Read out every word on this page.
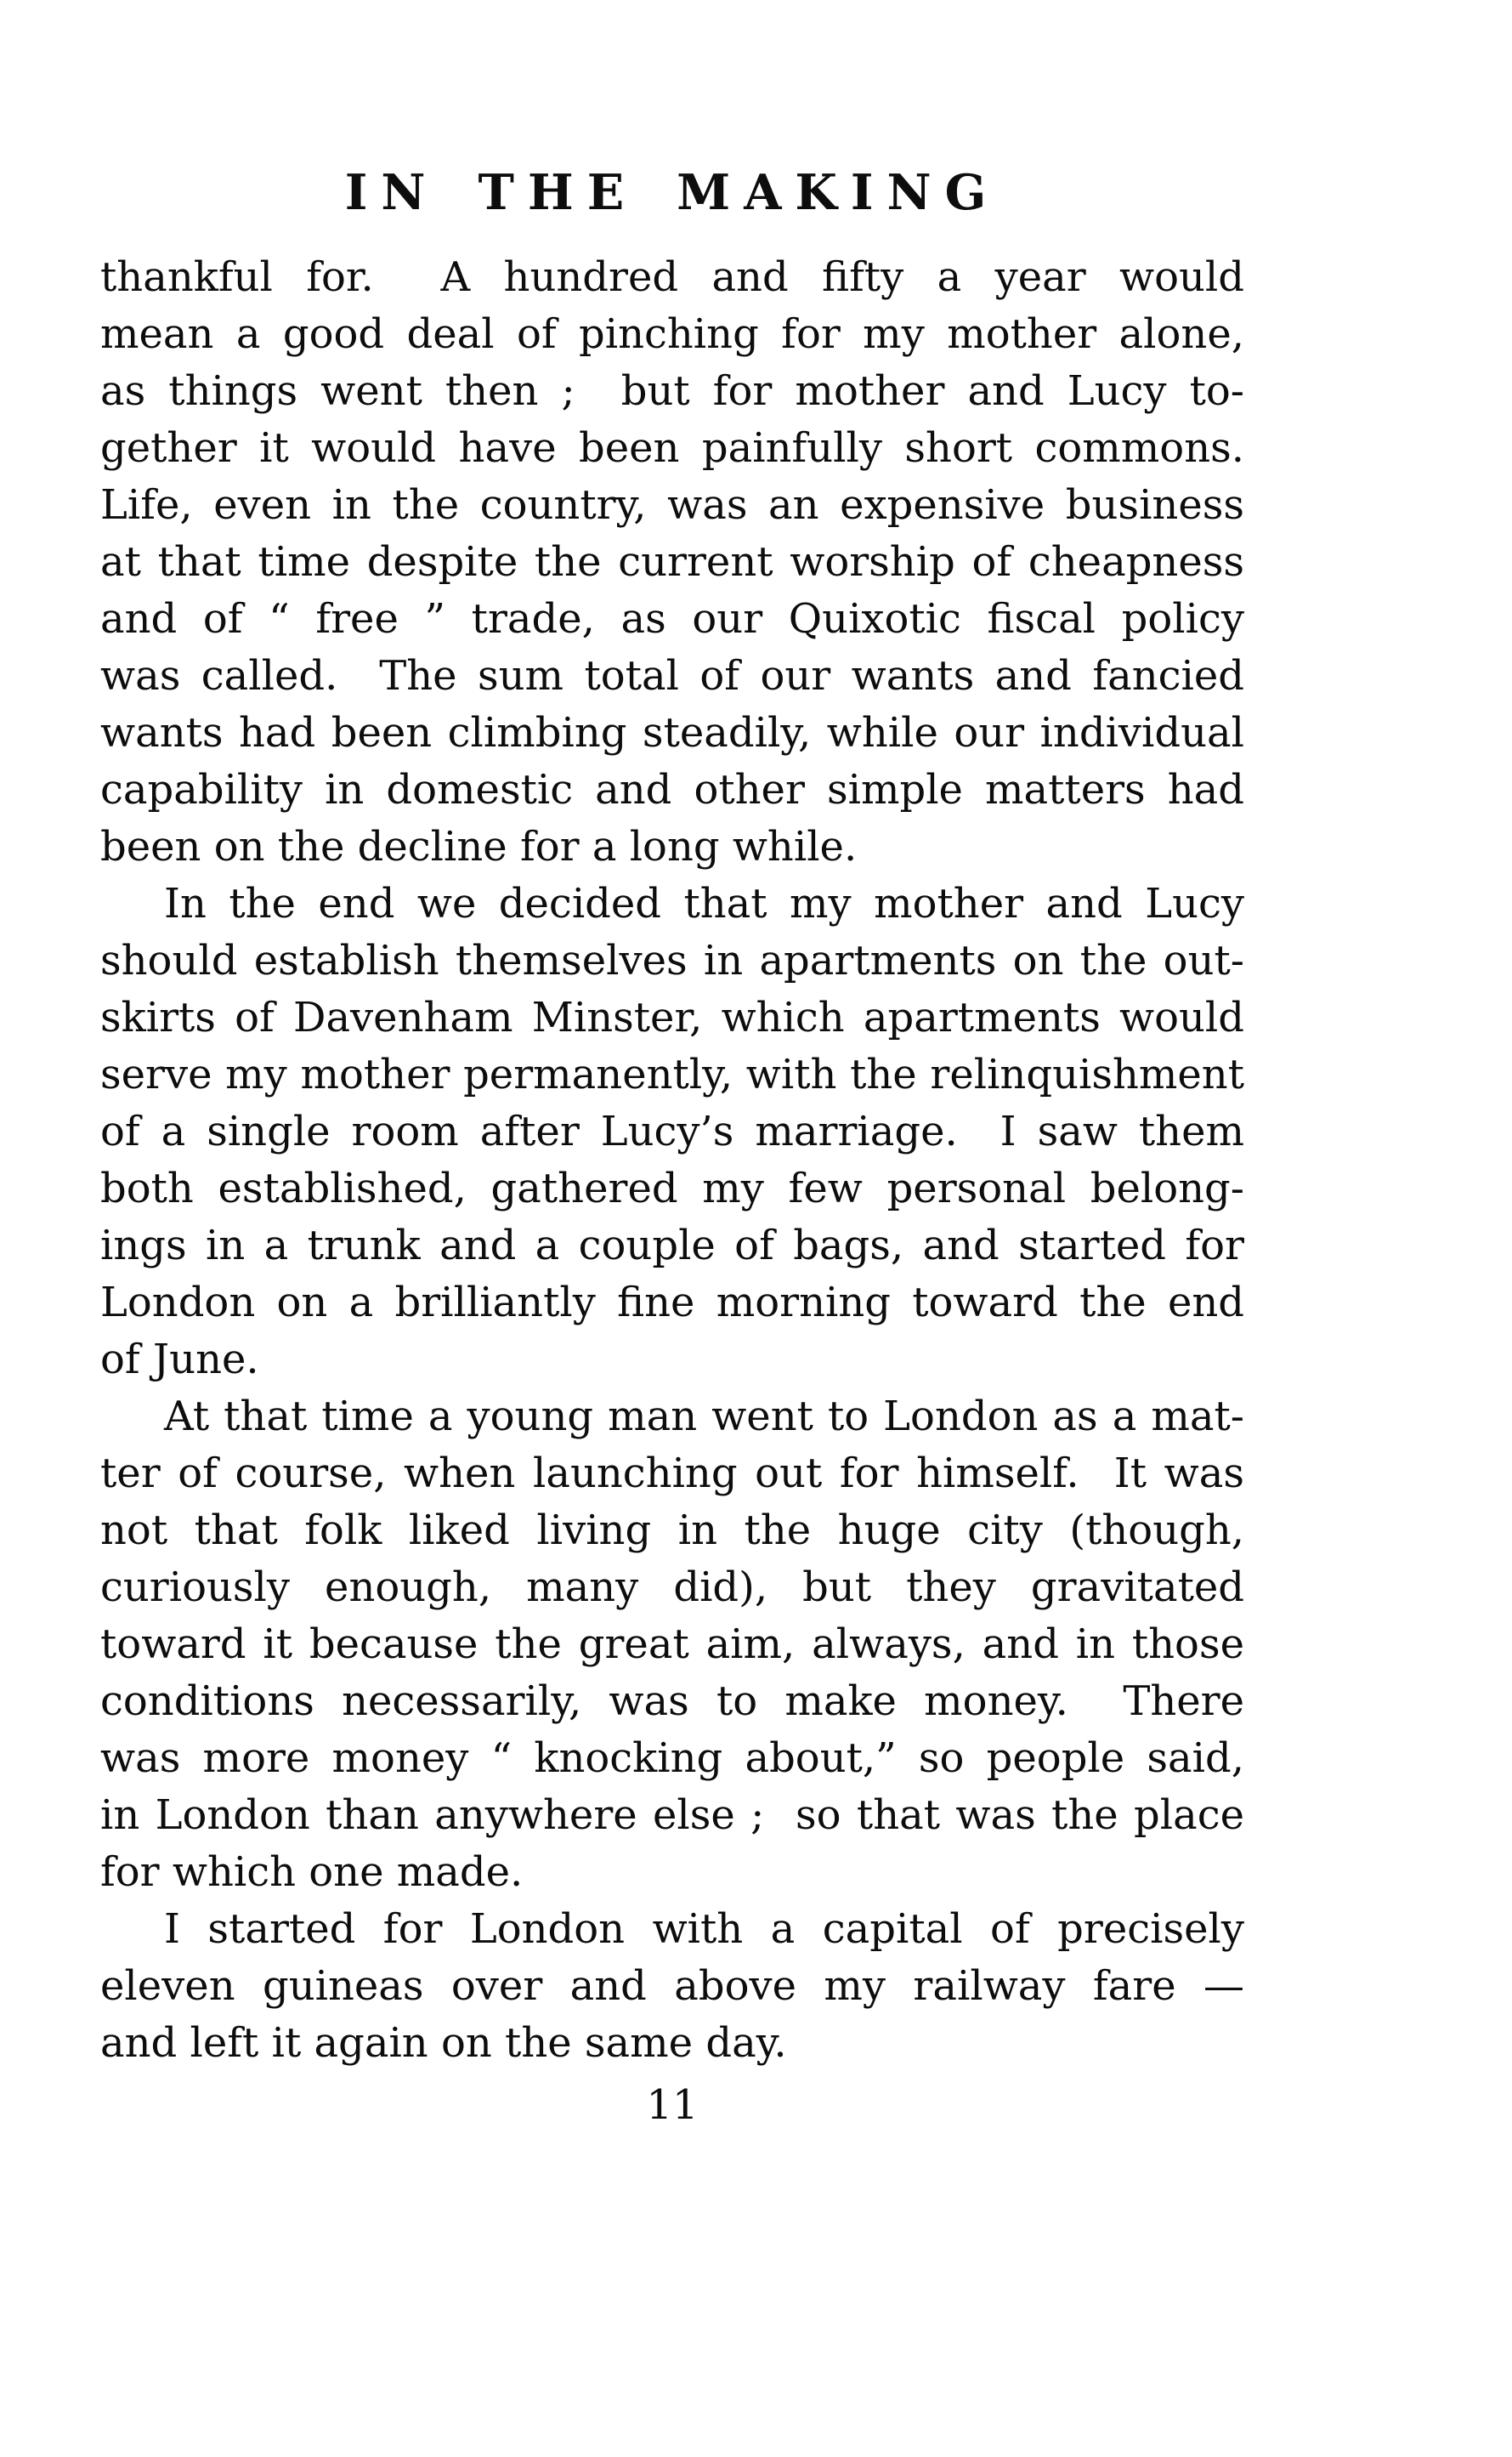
IN THE MAKING
thankful for.  A hundred and fifty a year would
mean a good deal of pinching for my mother alone,
as things went then ;  but for mother and Lucy to-
gether it would have been painfully short commons.
Life, even in the country, was an expensive business
at that time despite the current worship of cheapness
and of “ free ” trade, as our Quixotic fiscal policy
was called.  The sum total of our wants and fancied
wants had been climbing steadily, while our individual
capability in domestic and other simple matters had
been on the decline for a long while.
In the end we decided that my mother and Lucy
should establish themselves in apartments on the out-
skirts of Davenham Minster, which apartments would
serve my mother permanently, with the relinquishment
of a single room after Lucy’s marriage.  I saw them
both established, gathered my few personal belong-
ings in a trunk and a couple of bags, and started for
London on a brilliantly fine morning toward the end
of June.
At that time a young man went to London as a mat-
ter of course, when launching out for himself.  It was
not that folk liked living in the huge city (though,
curiously enough, many did), but they gravitated
toward it because the great aim, always, and in those
conditions necessarily, was to make money.  There
was more money “ knocking about,” so people said,
in London than anywhere else ;  so that was the place
for which one made.
I started for London with a capital of precisely
eleven guineas over and above my railway fare —
and left it again on the same day.
11
